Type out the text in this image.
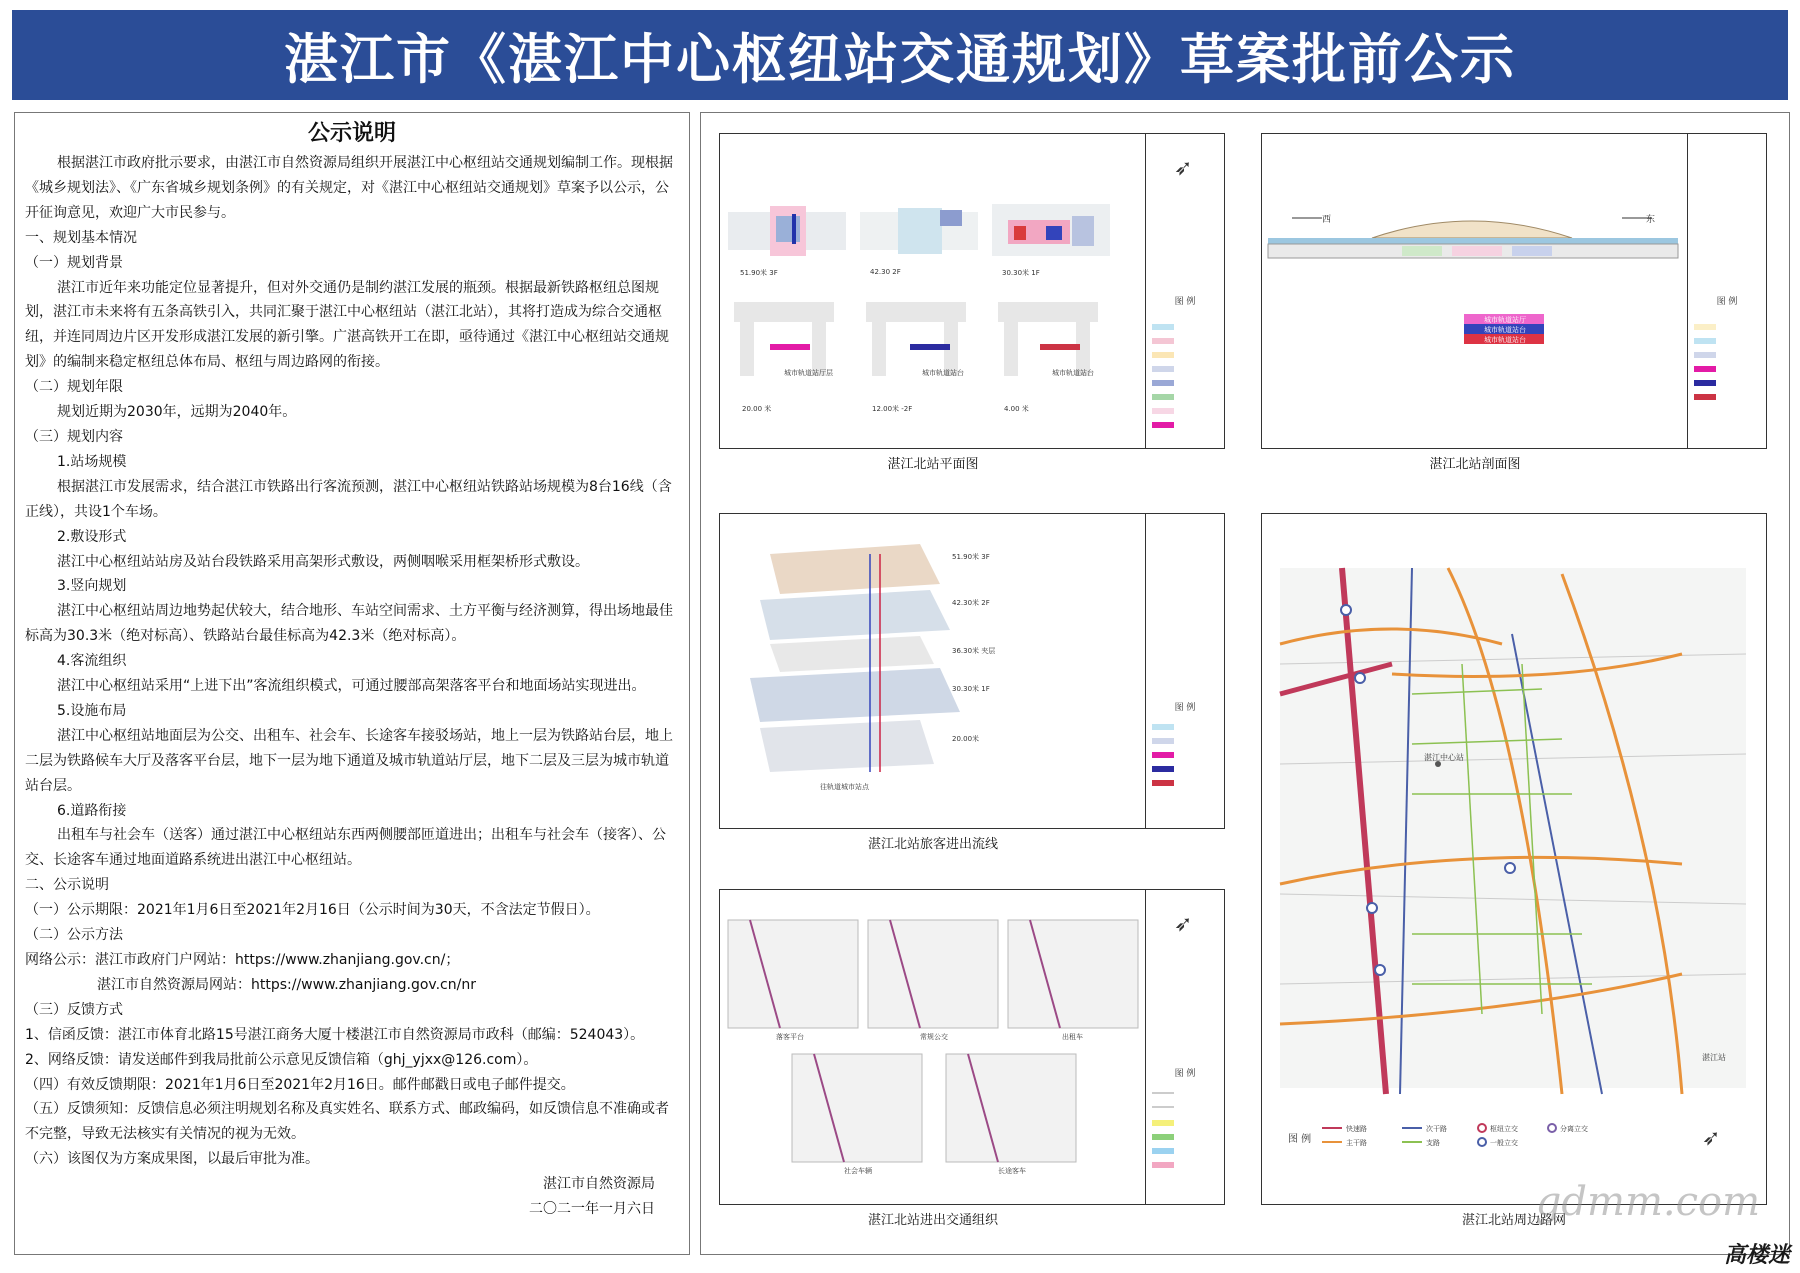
湛江市《湛江中心枢纽站交通规划》草案批前公示
公示说明

根据湛江市政府批示要求，由湛江市自然资源局组织开展湛江中心枢纽站交通规划编制工作。现根据《城乡规划法》、《广东省城乡规划条例》的有关规定，对《湛江中心枢纽站交通规划》草案予以公示，公开征询意见，欢迎广大市民参与。

一、规划基本情况

（一）规划背景

湛江市近年来功能定位显著提升，但对外交通仍是制约湛江发展的瓶颈。根据最新铁路枢纽总图规划，湛江市未来将有五条高铁引入，共同汇聚于湛江中心枢纽站（湛江北站），其将打造成为综合交通枢纽，并连同周边片区开发形成湛江发展的新引擎。广湛高铁开工在即，亟待通过《湛江中心枢纽站交通规划》的编制来稳定枢纽总体布局、枢纽与周边路网的衔接。

（二）规划年限

规划近期为2030年，远期为2040年。

（三）规划内容

1.站场规模

根据湛江市发展需求，结合湛江市铁路出行客流预测，湛江中心枢纽站铁路站场规模为8台16线（含正线），共设1个车场。

2.敷设形式

湛江中心枢纽站站房及站台段铁路采用高架形式敷设，两侧咽喉采用框架桥形式敷设。

3.竖向规划

湛江中心枢纽站周边地势起伏较大，结合地形、车站空间需求、土方平衡与经济测算，得出场地最佳标高为30.3米（绝对标高）、铁路站台最佳标高为42.3米（绝对标高）。

4.客流组织

湛江中心枢纽站采用“上进下出”客流组织模式，可通过腰部高架落客平台和地面场站实现进出。

5.设施布局

湛江中心枢纽站地面层为公交、出租车、社会车、长途客车接驳场站，地上一层为铁路站台层，地上二层为铁路候车大厅及落客平台层，地下一层为地下通道及城市轨道站厅层，地下二层及三层为城市轨道站台层。

6.道路衔接

出租车与社会车（送客）通过湛江中心枢纽站东西两侧腰部匝道进出；出租车与社会车（接客）、公交、长途客车通过地面道路系统进出湛江中心枢纽站。

二、公示说明

（一）公示期限：2021年1月6日至2021年2月16日（公示时间为30天，不含法定节假日）。

（二）公示方法

网络公示：湛江市政府门户网站：https://www.zhanjiang.gov.cn/；

湛江市自然资源局网站：https://www.zhanjiang.gov.cn/nr

（三）反馈方式

1、信函反馈：湛江市体育北路15号湛江商务大厦十楼湛江市自然资源局市政科（邮编：524043）。

2、网络反馈：请发送邮件到我局批前公示意见反馈信箱（ghj_yjxx@126.com）。

（四）有效反馈期限：2021年1月6日至2021年2月16日。邮件邮戳日或电子邮件提交。

（五）反馈须知：反馈信息必须注明规划名称及真实姓名、联系方式、邮政编码，如反馈信息不准确或者不完整，导致无法核实有关情况的视为无效。

（六）该图仅为方案成果图，以最后审批为准。

湛江市自然资源局

二〇二一年一月六日

51.90米 3F	42.30 2F	30.30米 1F
20.00 米	12.00米 -2F	4.00 米
城市轨道站厅层	城市轨道站台	城市轨道站台
➶
图 例
湛江北站平面图
西	东
城市轨道站厅
城市轨道站台
城市轨道站台
图 例
湛江北站剖面图
51.90米 3F
42.30米 2F
36.30米 夹层
30.30米 1F
20.00米
往轨道城市站点
图 例
湛江北站旅客进出流线
落客平台	常规公交	出租车
社会车辆	长途客车
➶
图 例
湛江北站进出交通组织
湛江中心站
湛江站
图 例
快速路	次干路	枢纽立交	分离立交
主干路	支路	一般立交	➶
湛江北站周边路网
gdmm.com
高楼迷
